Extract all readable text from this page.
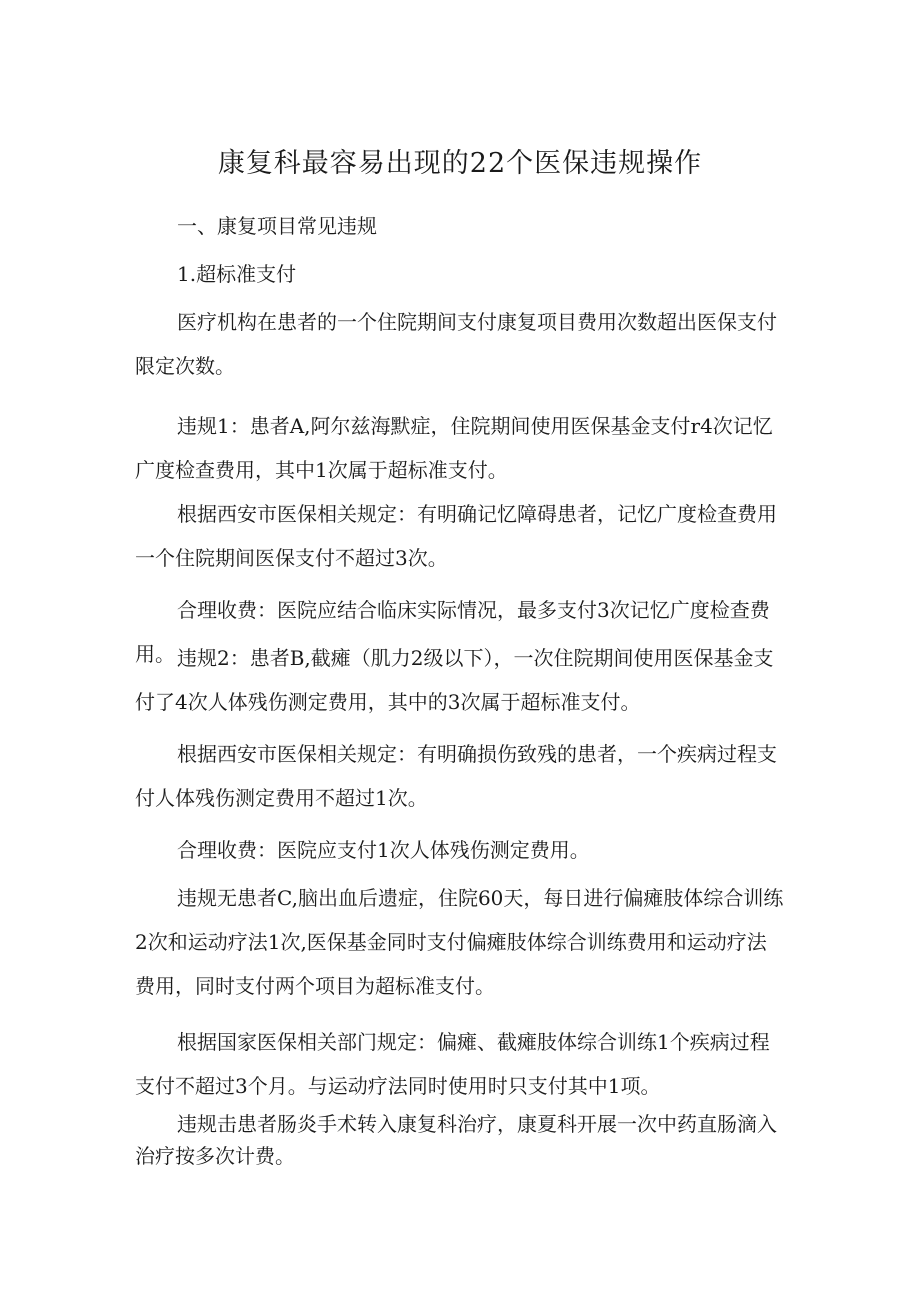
康复科最容易出现的22个医保违规操作

一、康复项目常见违规

1.超标准支付

医疗机构在患者的一个住院期间支付康复项目费用次数超出医保支付限定次数。

违规1：患者A,阿尔兹海默症，住院期间使用医保基金支付r4次记忆广度检查费用，其中1次属于超标准支付。

根据西安市医保相关规定：有明确记忆障碍患者，记忆广度检查费用一个住院期间医保支付不超过3次。

合理收费：医院应结合临床实际情况，最多支付3次记忆广度检查费用。 违规2：患者B,截瘫（肌力2级以下），一次住院期间使用医保基金支付了4次人体残伤测定费用，其中的3次属于超标准支付。

根据西安市医保相关规定：有明确损伤致残的患者，一个疾病过程支付人体残伤测定费用不超过1次。

合理收费：医院应支付1次人体残伤测定费用。

违规无患者C,脑出血后遗症，住院60天，每日进行偏瘫肢体综合训练2次和运动疗法1次,医保基金同时支付偏瘫肢体综合训练费用和运动疗法费用，同时支付两个项目为超标准支付。

根据国家医保相关部门规定：偏瘫、截瘫肢体综合训练1个疾病过程支付不超过3个月。与运动疗法同时使用时只支付其中1项。

违规击患者肠炎手术转入康复科治疗，康夏科开展一次中药直肠滴入治疗按多次计费。
